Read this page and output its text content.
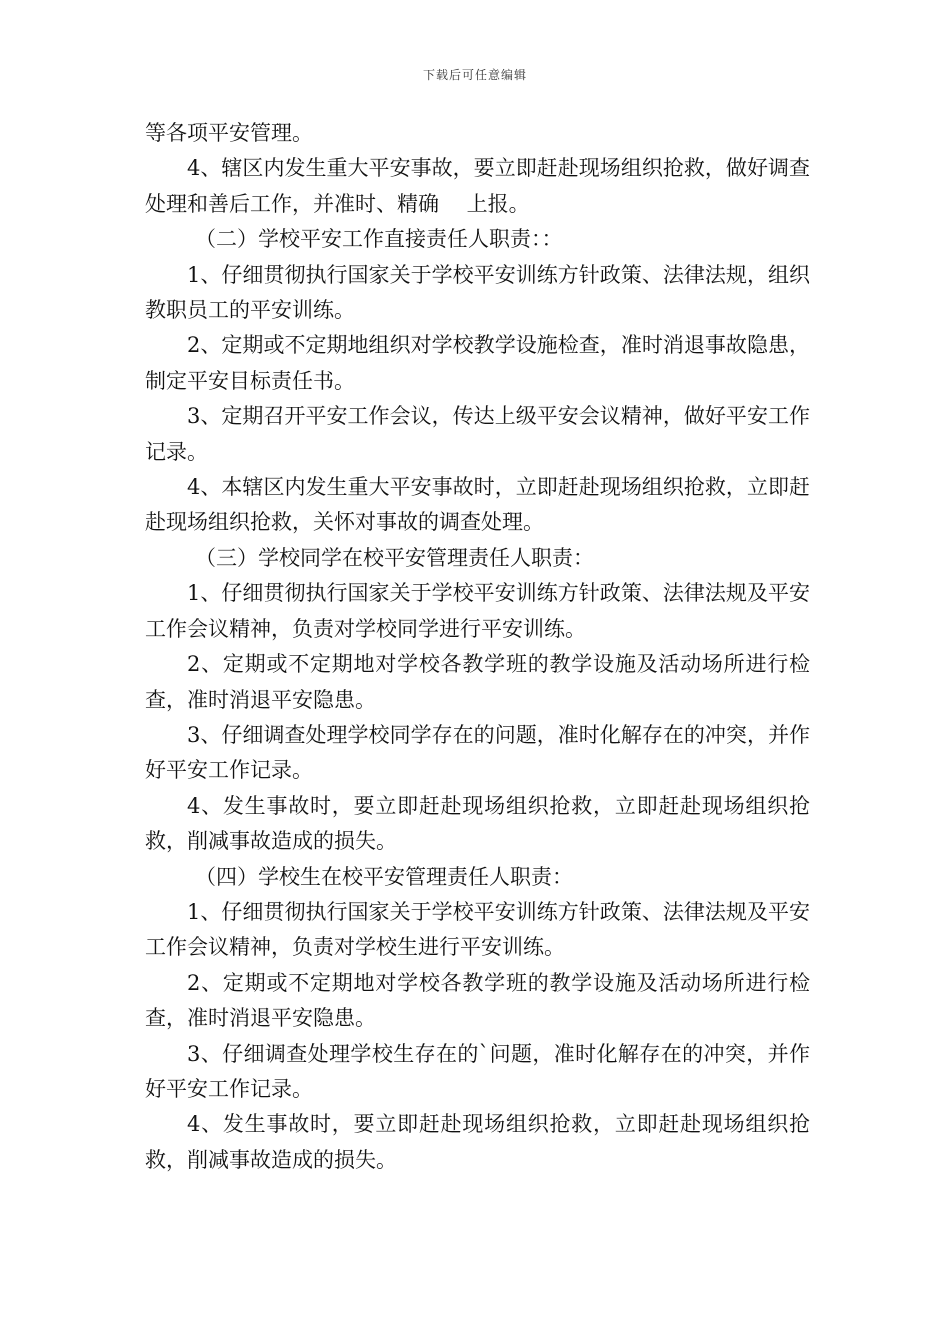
下载后可任意编辑

等各项平安管理。

4、辖区内发生重大平安事故，要立即赶赴现场组织抢救，做好调查处理和善后工作，并准时、精确　 上报。

（二）学校平安工作直接责任人职责：：

1、仔细贯彻执行国家关于学校平安训练方针政策、法律法规，组织教职员工的平安训练。

2、定期或不定期地组织对学校教学设施检查，准时消退事故隐患，制定平安目标责任书。

3、定期召开平安工作会议，传达上级平安会议精神，做好平安工作记录。

4、本辖区内发生重大平安事故时，立即赶赴现场组织抢救，立即赶赴现场组织抢救，关怀对事故的调查处理。

（三）学校同学在校平安管理责任人职责：

1、仔细贯彻执行国家关于学校平安训练方针政策、法律法规及平安工作会议精神，负责对学校同学进行平安训练。

2、定期或不定期地对学校各教学班的教学设施及活动场所进行检查，准时消退平安隐患。

3、仔细调查处理学校同学存在的问题，准时化解存在的冲突，并作好平安工作记录。

4、发生事故时，要立即赶赴现场组织抢救，立即赶赴现场组织抢救，削减事故造成的损失。

（四）学校生在校平安管理责任人职责：

1、仔细贯彻执行国家关于学校平安训练方针政策、法律法规及平安工作会议精神，负责对学校生进行平安训练。

2、定期或不定期地对学校各教学班的教学设施及活动场所进行检查，准时消退平安隐患。

3、仔细调查处理学校生存在的`问题，准时化解存在的冲突，并作好平安工作记录。

4、发生事故时，要立即赶赴现场组织抢救，立即赶赴现场组织抢救，削减事故造成的损失。
